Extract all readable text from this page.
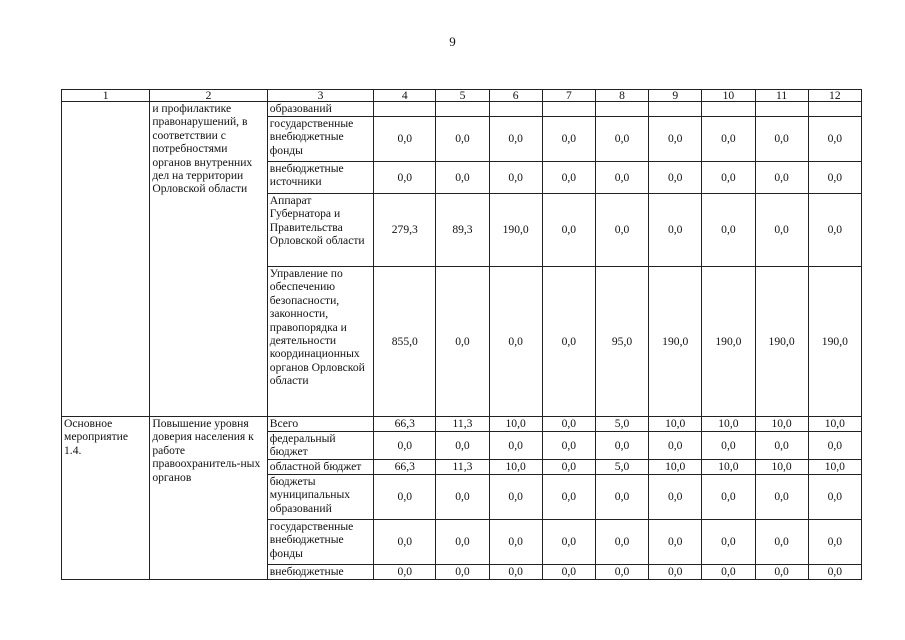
9
1	2	3	4	5	6	7	8	9	10	11	12
	и профилактике правонарушений, в соответствии с потребностями органов внутренних дел на территории Орловской области	образований									
		государственные внебюджетные фонды	0,0	0,0	0,0	0,0	0,0	0,0	0,0	0,0	0,0
		внебюджетные источники	0,0	0,0	0,0	0,0	0,0	0,0	0,0	0,0	0,0
		Аппарат Губернатора и Правительства Орловской области	279,3	89,3	190,0	0,0	0,0	0,0	0,0	0,0	0,0
		Управление по обеспечению безопасности, законности, правопорядка и деятельности координационных органов Орловской области	855,0	0,0	0,0	0,0	95,0	190,0	190,0	190,0	190,0
Основное мероприятие 1.4.	Повышение уровня доверия населения к работе правоохранитель-ных органов	Всего	66,3	11,3	10,0	0,0	5,0	10,0	10,0	10,0	10,0
		федеральный бюджет	0,0	0,0	0,0	0,0	0,0	0,0	0,0	0,0	0,0
		областной бюджет	66,3	11,3	10,0	0,0	5,0	10,0	10,0	10,0	10,0
		бюджеты муниципальных образований	0,0	0,0	0,0	0,0	0,0	0,0	0,0	0,0	0,0
		государственные внебюджетные фонды	0,0	0,0	0,0	0,0	0,0	0,0	0,0	0,0	0,0
		внебюджетные	0,0	0,0	0,0	0,0	0,0	0,0	0,0	0,0	0,0
